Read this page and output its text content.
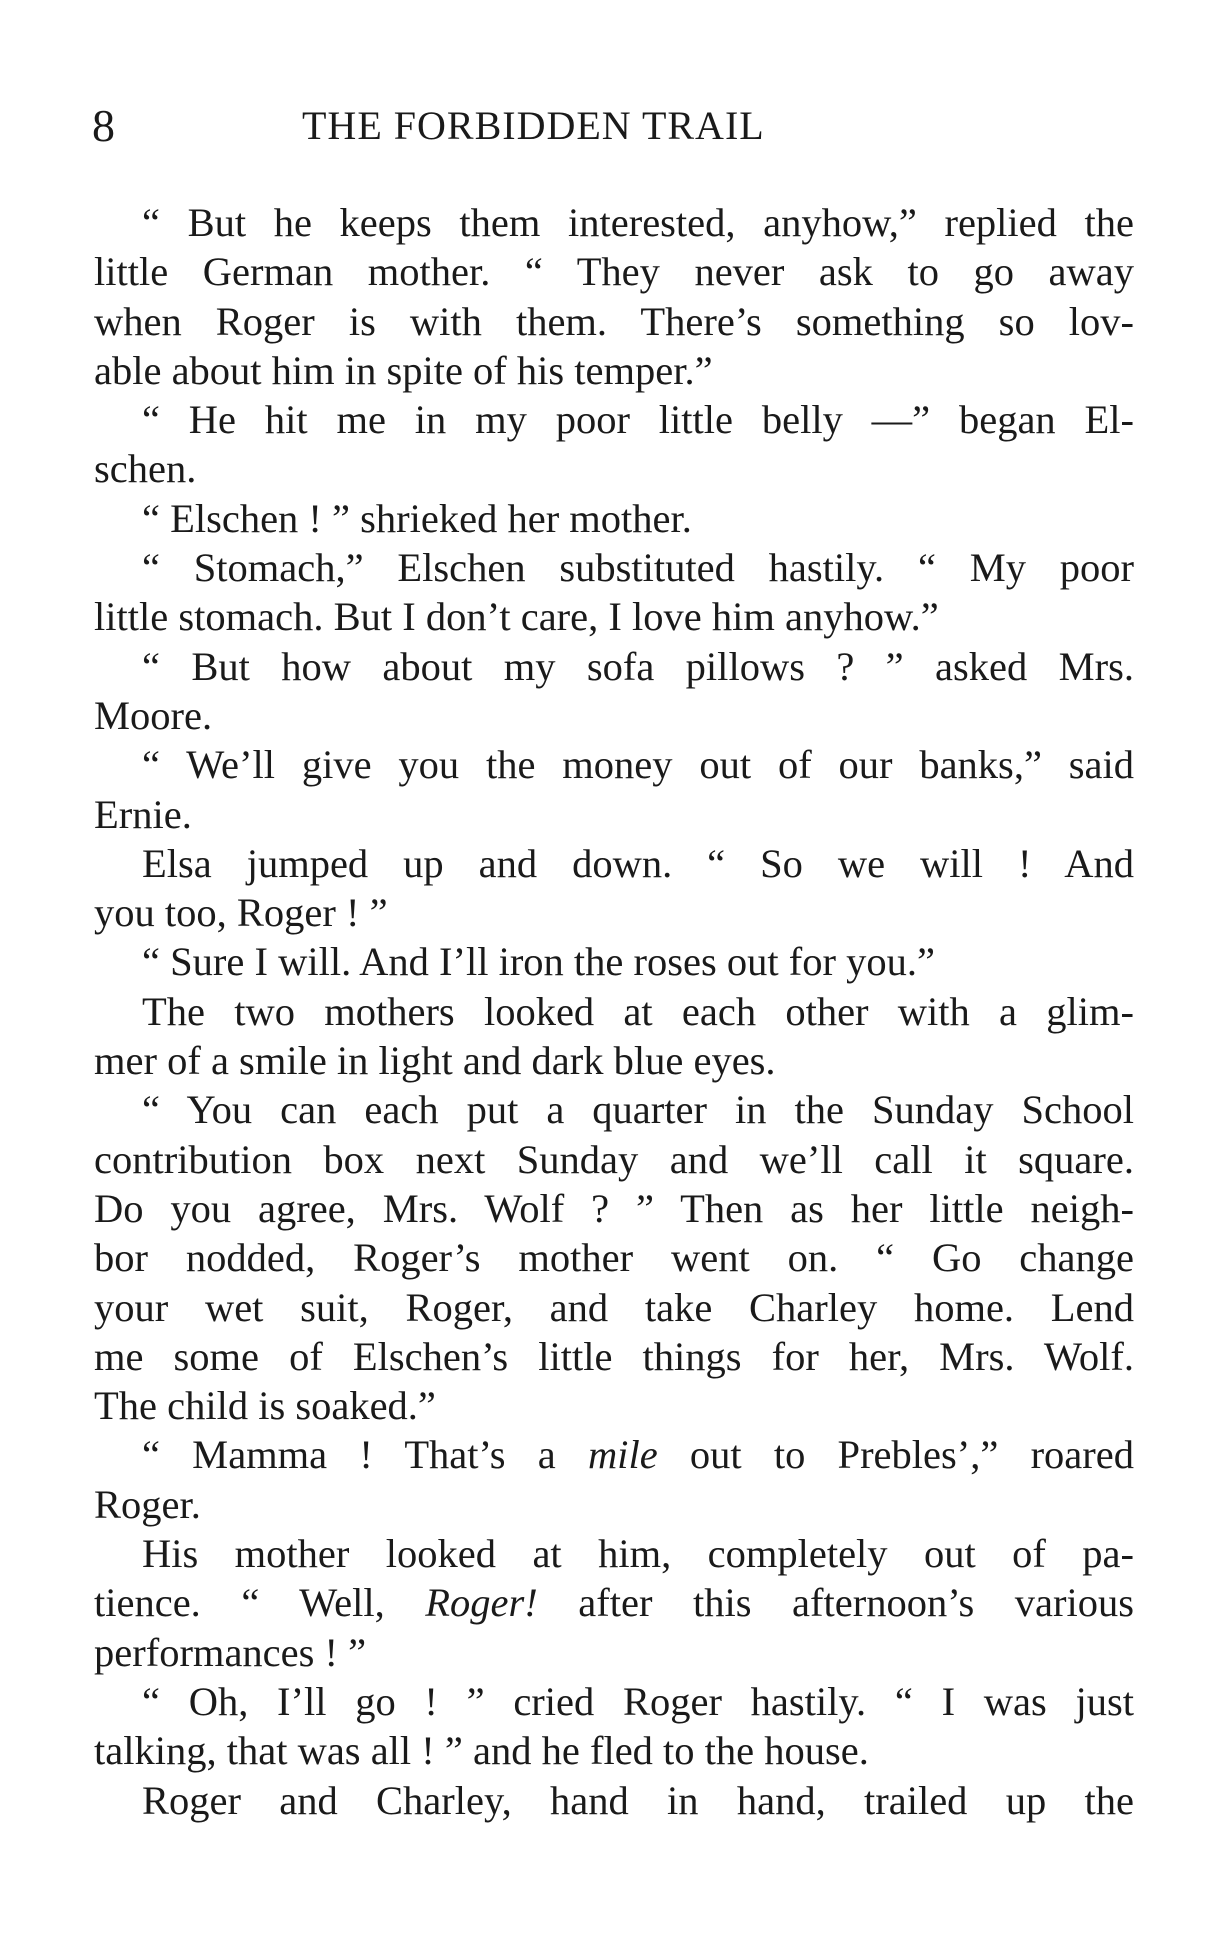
8	THE FORBIDDEN TRAIL
“ But he keeps them interested, anyhow,” replied the
little German mother. “ They never ask to go away
when Roger is with them. There’s something so lov-
able about him in spite of his temper.”
“ He hit me in my poor little belly —” began El-
schen.
“ Elschen ! ” shrieked her mother.
“ Stomach,” Elschen substituted hastily. “ My poor
little stomach. But I don’t care, I love him anyhow.”
“ But how about my sofa pillows ? ” asked Mrs.
Moore.
“ We’ll give you the money out of our banks,” said
Ernie.
Elsa jumped up and down. “ So we will ! And
you too, Roger ! ”
“ Sure I will. And I’ll iron the roses out for you.”
The two mothers looked at each other with a glim-
mer of a smile in light and dark blue eyes.
“ You can each put a quarter in the Sunday School
contribution box next Sunday and we’ll call it square.
Do you agree, Mrs. Wolf ? ” Then as her little neigh-
bor nodded, Roger’s mother went on. “ Go change
your wet suit, Roger, and take Charley home. Lend
me some of Elschen’s little things for her, Mrs. Wolf.
The child is soaked.”
“ Mamma ! That’s a mile out to Prebles’,” roared
Roger.
His mother looked at him, completely out of pa-
tience. “ Well, Roger! after this afternoon’s various
performances ! ”
“ Oh, I’ll go ! ” cried Roger hastily. “ I was just
talking, that was all ! ” and he fled to the house.
Roger and Charley, hand in hand, trailed up the
